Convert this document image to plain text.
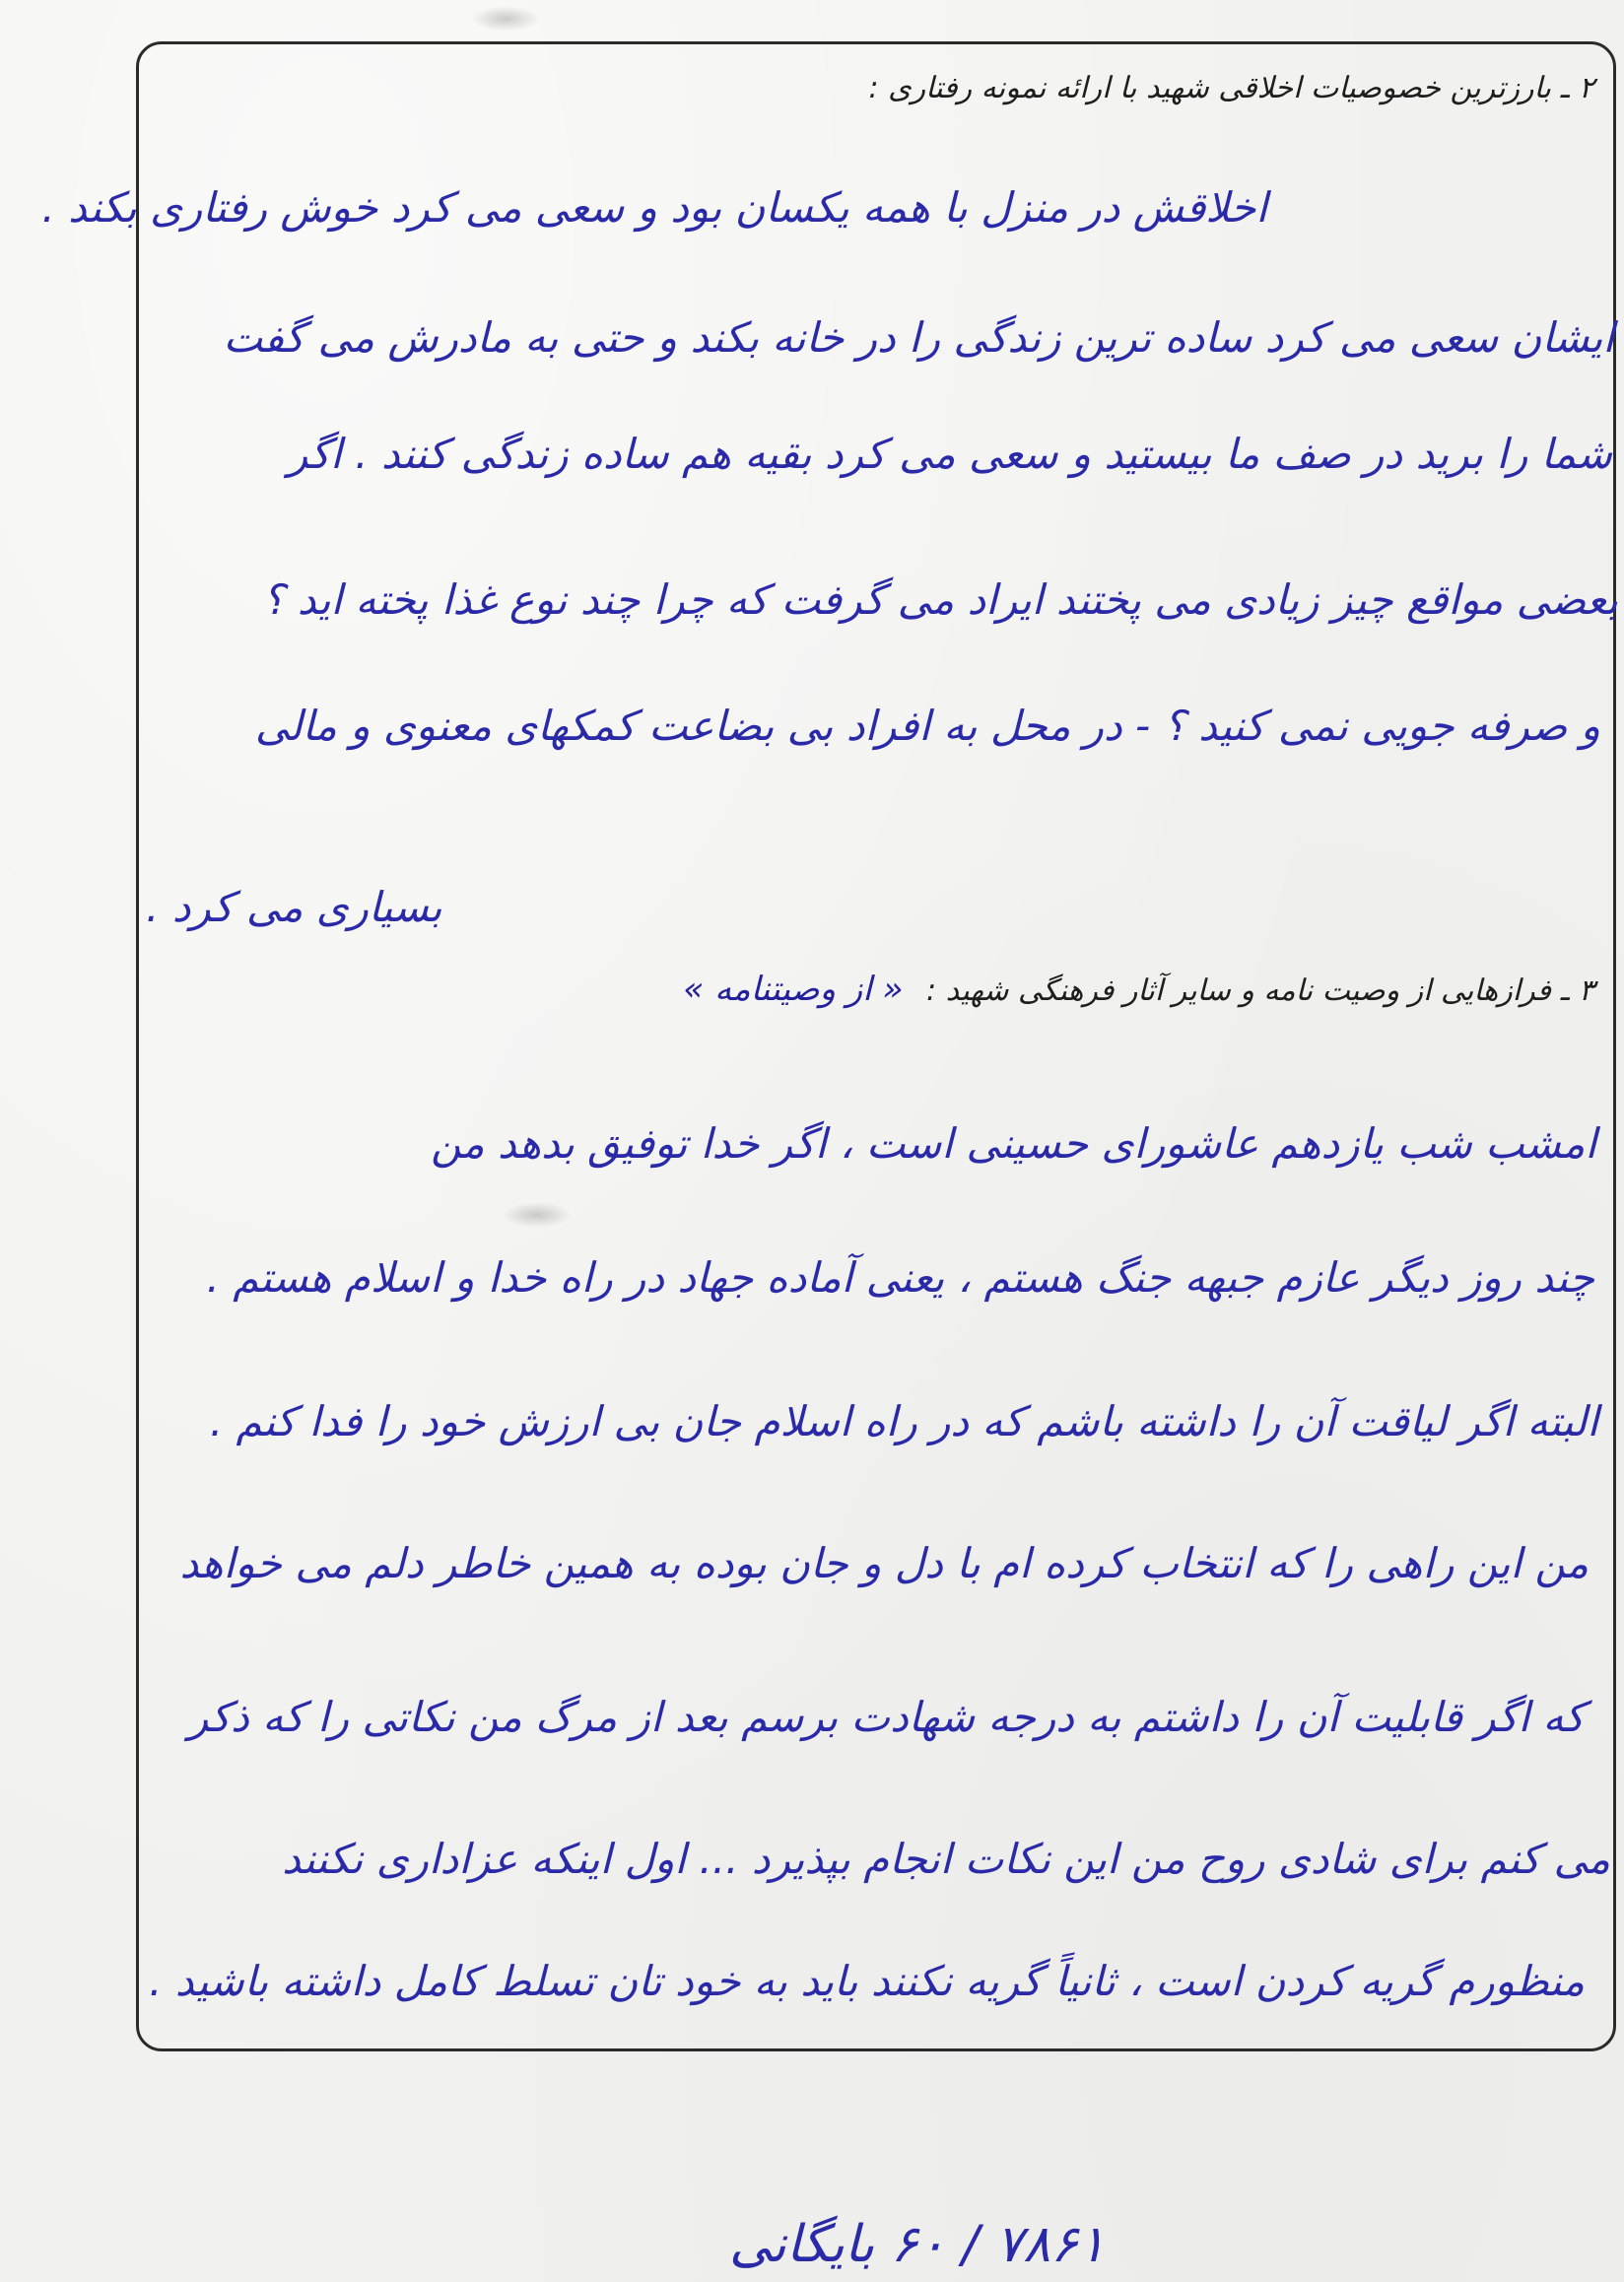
۲ ـ بارزترین خصوصیات اخلاقی شهید با ارائه نمونه رفتاری :
اخلاقش در منزل با همه یکسان بود و سعی می کرد خوش رفتاری بکند .
ایشان سعی می کرد ساده ترین زندگی را در خانه بکند و حتی به مادرش می گفت
شما را برید در صف ما بیستید و سعی می کرد بقیه هم ساده زندگی کنند . اگر
بعضی مواقع چیز زیادی می پختند ایراد می گرفت که چرا چند نوع غذا پخته اید ؟
و صرفه جویی نمی کنید ؟ - در محل به افراد بی بضاعت کمکهای معنوی و مالی
بسیاری می کرد .
۳ ـ فرازهایی از وصیت نامه و سایر آثار فرهنگی شهید : « از وصیتنامه »
امشب شب یازدهم عاشورای حسینی است ، اگر خدا توفیق بدهد من
چند روز دیگر عازم جبهه جنگ هستم ، یعنی آماده جهاد در راه خدا و اسلام هستم .
البته اگر لیاقت آن را داشته باشم که در راه اسلام جان بی ارزش خود را فدا کنم .
من این راهی را که انتخاب کرده ام با دل و جان بوده به همین خاطر دلم می خواهد
که اگر قابلیت آن را داشتم به درجه شهادت برسم بعد از مرگ من نکاتی را که ذکر
می کنم برای شادی روح من این نکات انجام بپذیرد ... اول اینکه عزاداری نکنند
منظورم گریه کردن است ، ثانیاً گریه نکنند باید به خود تان تسلط کامل داشته باشید .
۷۸۶۱ / ۶۰ بایگانی
